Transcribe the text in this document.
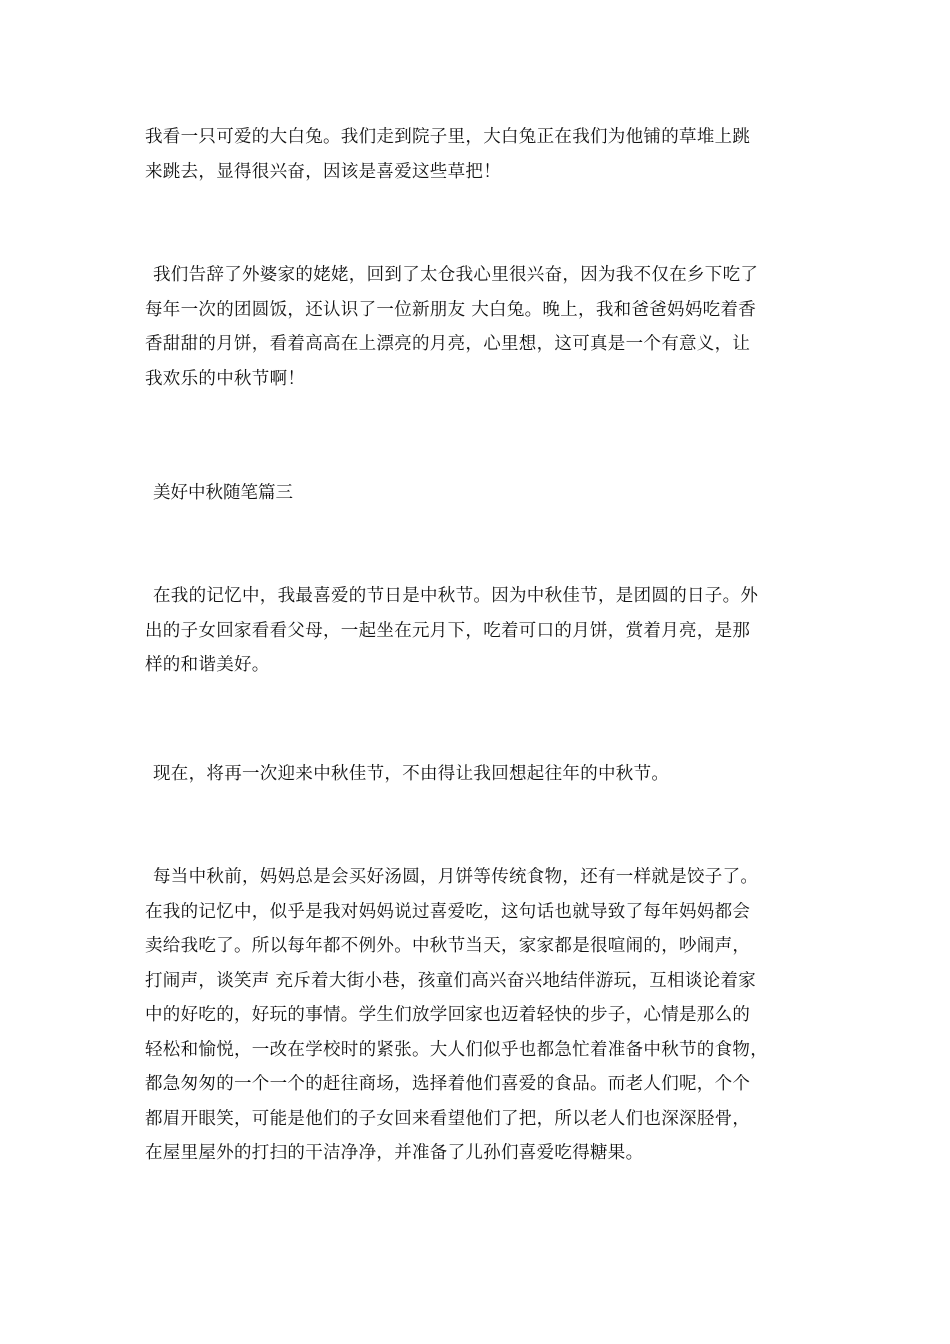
我看一只可爱的大白兔。我们走到院子里，大白兔正在我们为他铺的草堆上跳
来跳去，显得很兴奋，因该是喜爱这些草把！

我们告辞了外婆家的姥姥，回到了太仓我心里很兴奋，因为我不仅在乡下吃了
每年一次的团圆饭，还认识了一位新朋友 大白兔。晚上，我和爸爸妈妈吃着香
香甜甜的月饼，看着高高在上漂亮的月亮，心里想，这可真是一个有意义，让
我欢乐的中秋节啊！

美好中秋随笔篇三

在我的记忆中，我最喜爱的节日是中秋节。因为中秋佳节，是团圆的日子。外
出的子女回家看看父母，一起坐在元月下，吃着可口的月饼，赏着月亮，是那
样的和谐美好。

现在，将再一次迎来中秋佳节，不由得让我回想起往年的中秋节。

每当中秋前，妈妈总是会买好汤圆，月饼等传统食物，还有一样就是饺子了。
在我的记忆中，似乎是我对妈妈说过喜爱吃，这句话也就导致了每年妈妈都会
卖给我吃了。所以每年都不例外。中秋节当天，家家都是很喧闹的，吵闹声，
打闹声，谈笑声 充斥着大街小巷，孩童们高兴奋兴地结伴游玩，互相谈论着家
中的好吃的，好玩的事情。学生们放学回家也迈着轻快的步子，心情是那么的
轻松和愉悦，一改在学校时的紧张。大人们似乎也都急忙着准备中秋节的食物，
都急匆匆的一个一个的赶往商场，选择着他们喜爱的食品。而老人们呢，个个
都眉开眼笑，可能是他们的子女回来看望他们了把，所以老人们也深深胫骨，
在屋里屋外的打扫的干洁净净，并准备了儿孙们喜爱吃得糖果。
